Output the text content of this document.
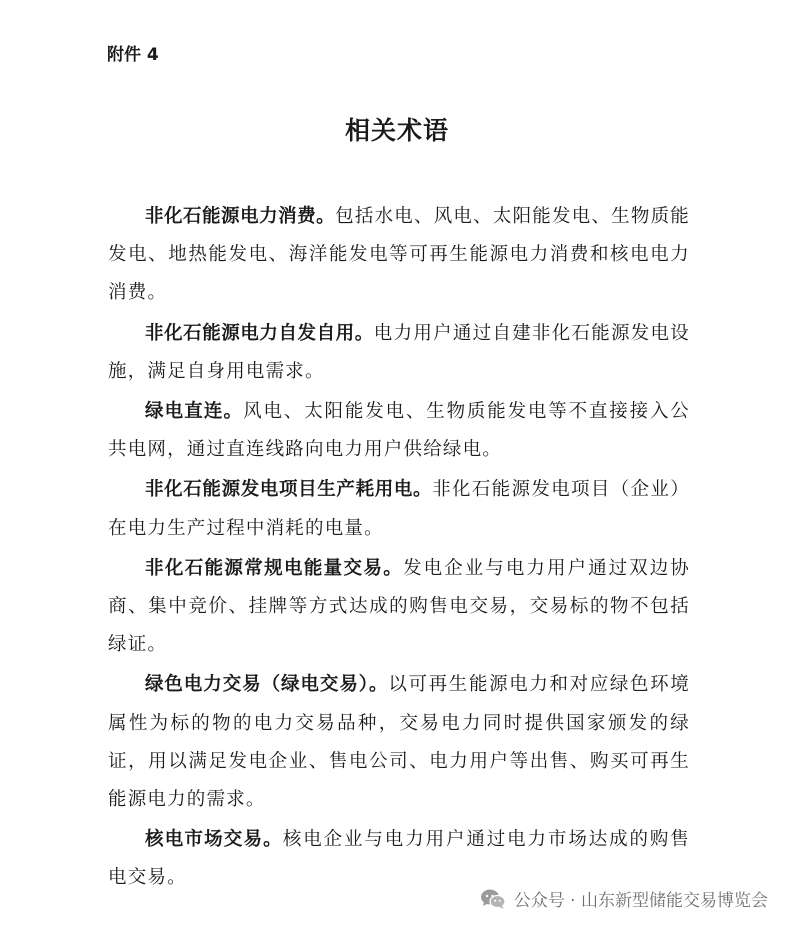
附件 4
相关术语

非化石能源电力消费。包括水电、风电、太阳能发电、生物质能发电、地热能发电、海洋能发电等可再生能源电力消费和核电电力消费。

非化石能源电力自发自用。电力用户通过自建非化石能源发电设施，满足自身用电需求。

绿电直连。风电、太阳能发电、生物质能发电等不直接接入公共电网，通过直连线路向电力用户供给绿电。

非化石能源发电项目生产耗用电。非化石能源发电项目（企业）在电力生产过程中消耗的电量。

非化石能源常规电能量交易。发电企业与电力用户通过双边协商、集中竞价、挂牌等方式达成的购售电交易，交易标的物不包括绿证。

绿色电力交易（绿电交易）。以可再生能源电力和对应绿色环境属性为标的物的电力交易品种，交易电力同时提供国家颁发的绿证，用以满足发电企业、售电公司、电力用户等出售、购买可再生能源电力的需求。

核电市场交易。核电企业与电力用户通过电力市场达成的购售电交易。

公众号 · 山东新型储能交易博览会
